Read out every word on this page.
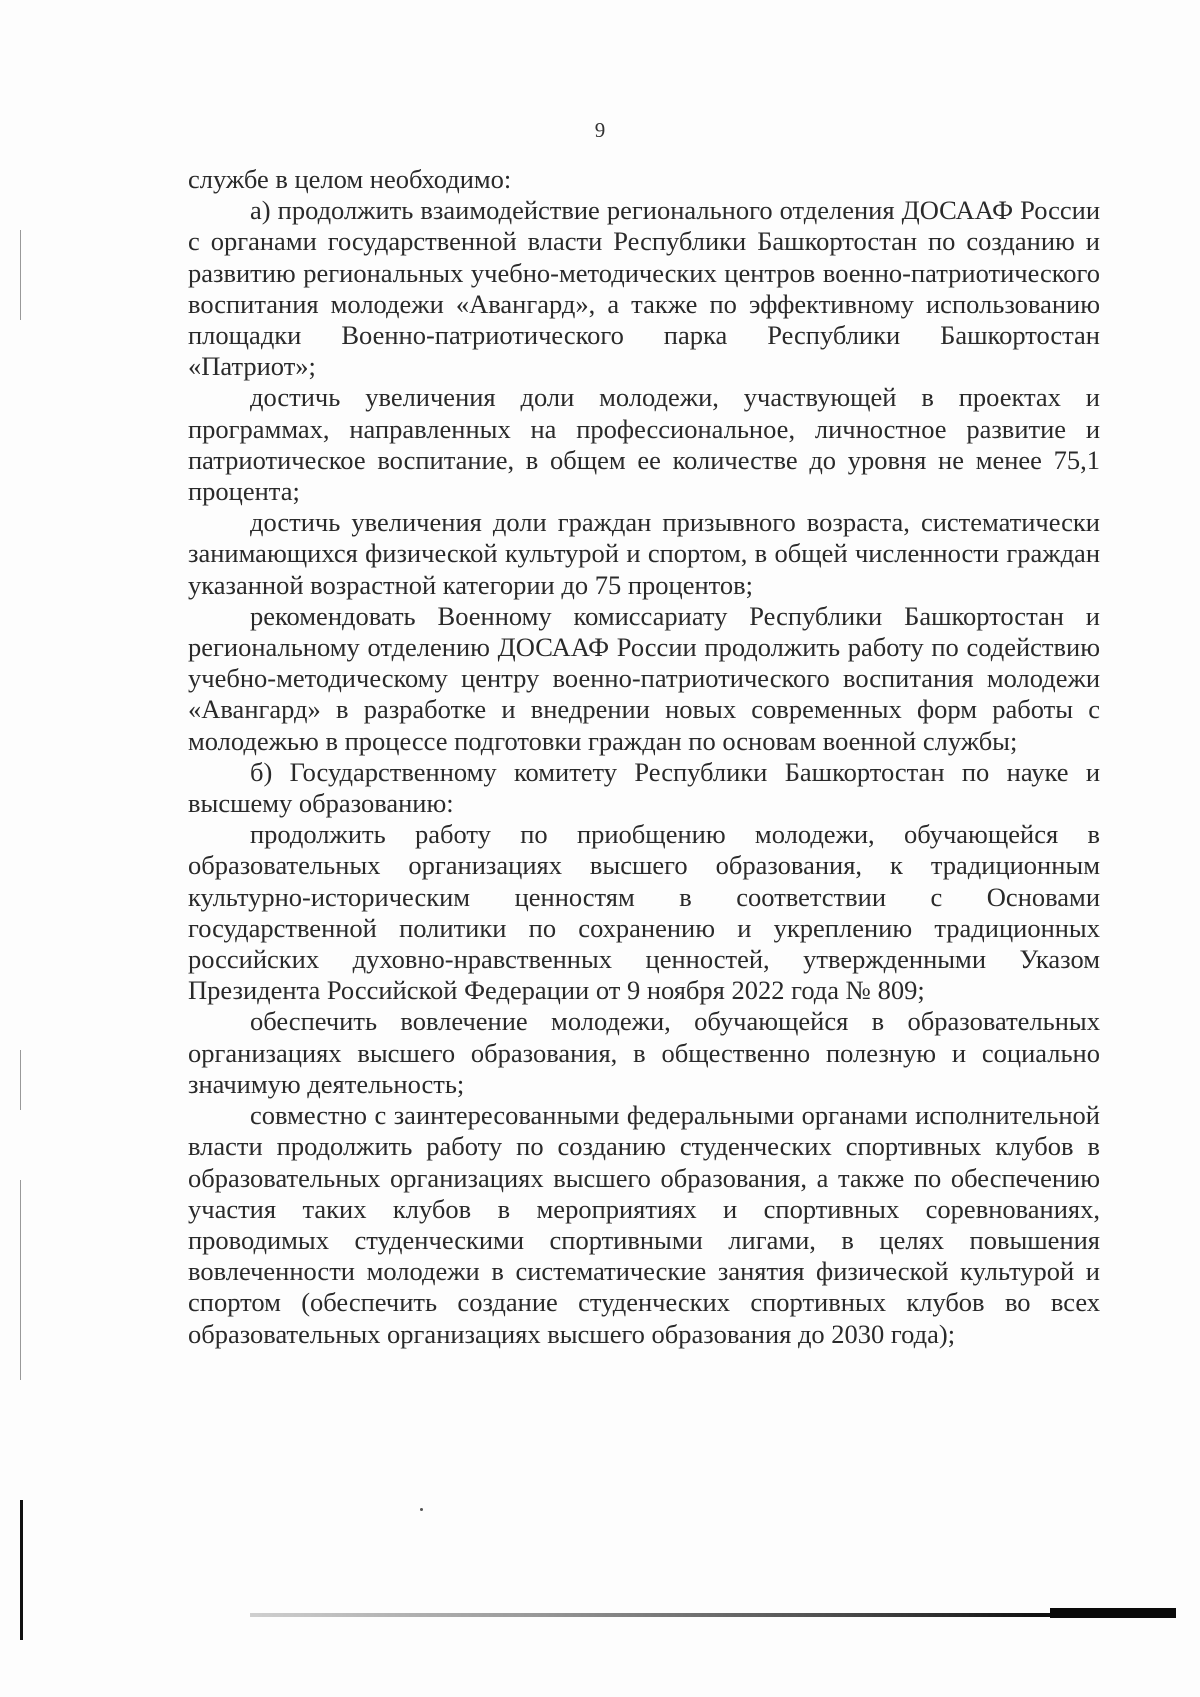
9

службе в целом необходимо:

а) продолжить взаимодействие регионального отделения ДОСААФ России с органами государственной власти Республики Башкортостан по созданию и развитию региональных учебно-методических центров военно-патриотического воспитания молодежи «Авангард», а также по эффективному использованию площадки Военно-патриотического парка Республики Башкортостан «Патриот»;

достичь увеличения доли молодежи, участвующей в проектах и программах, направленных на профессиональное, личностное развитие и патриотическое воспитание, в общем ее количестве до уровня не менее 75,1 процента;

достичь увеличения доли граждан призывного возраста, систематически занимающихся физической культурой и спортом, в общей численности граждан указанной возрастной категории до 75 процентов;

рекомендовать Военному комиссариату Республики Башкортостан и региональному отделению ДОСААФ России продолжить работу по содействию учебно-методическому центру военно-патриотического воспитания молодежи «Авангард» в разработке и внедрении новых современных форм работы с молодежью в процессе подготовки граждан по основам военной службы;

б) Государственному комитету Республики Башкортостан по науке и высшему образованию:

продолжить работу по приобщению молодежи, обучающейся в образовательных организациях высшего образования, к традиционным культурно-историческим ценностям в соответствии с Основами государственной политики по сохранению и укреплению традиционных российских духовно-нравственных ценностей, утвержденными Указом Президента Российской Федерации от 9 ноября 2022 года № 809;

обеспечить вовлечение молодежи, обучающейся в образовательных организациях высшего образования, в общественно полезную и социально значимую деятельность;

совместно с заинтересованными федеральными органами исполнительной власти продолжить работу по созданию студенческих спортивных клубов в образовательных организациях высшего образования, а также по обеспечению участия таких клубов в мероприятиях и спортивных соревнованиях, проводимых студенческими спортивными лигами, в целях повышения вовлеченности молодежи в систематические занятия физической культурой и спортом (обеспечить создание студенческих спортивных клубов во всех образовательных организациях высшего образования до 2030 года);
